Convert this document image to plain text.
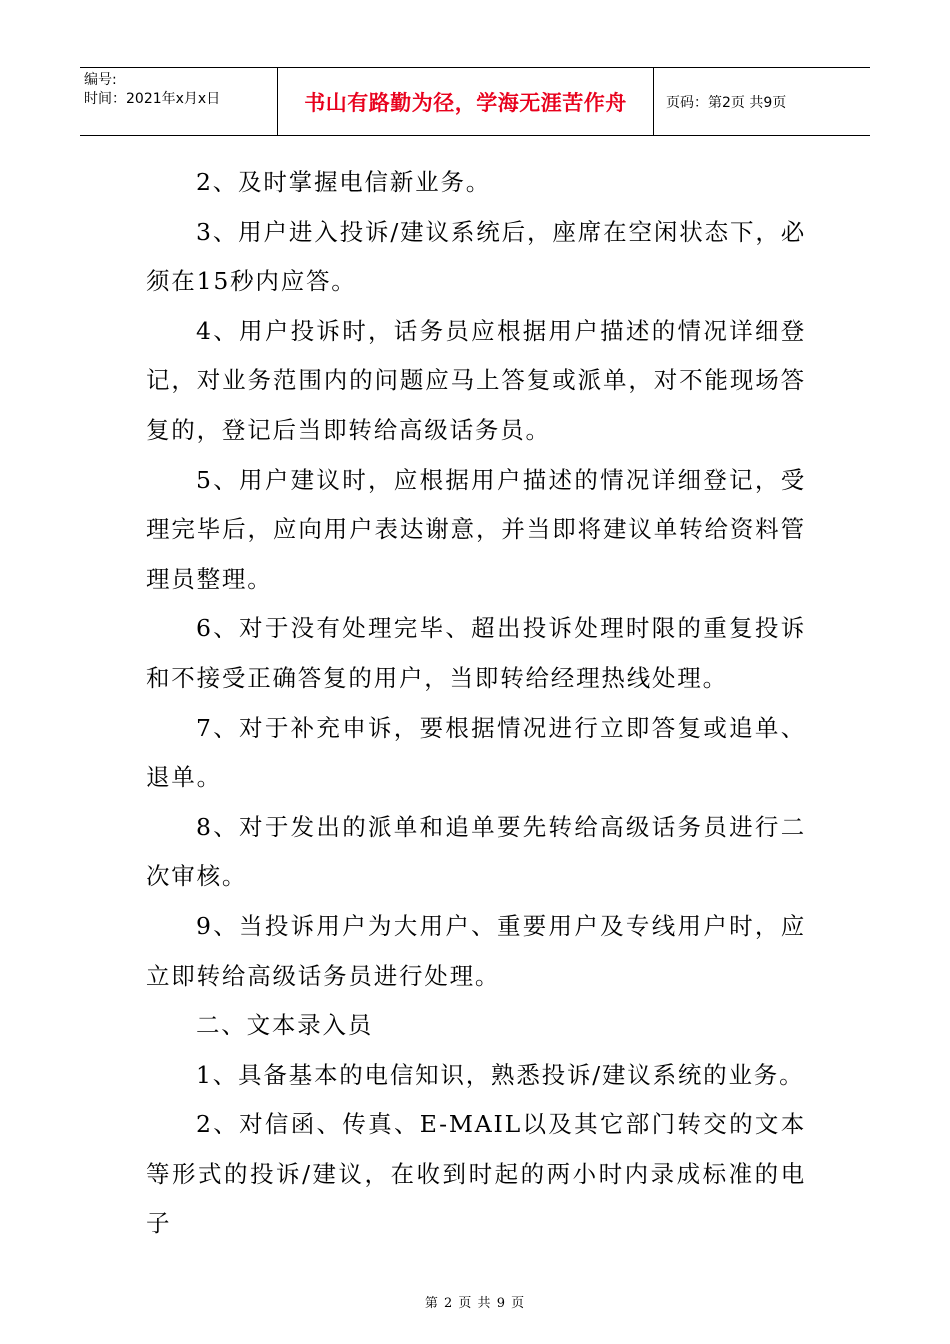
编号:
时间：2021年x月x日	书山有路勤为径，学海无涯苦作舟	页码：第2页 共9页

2、及时掌握电信新业务。

3、用户进入投诉/建议系统后，座席在空闲状态下，必须在15秒内应答。

4、用户投诉时，话务员应根据用户描述的情况详细登记，对业务范围内的问题应马上答复或派单，对不能现场答复的，登记后当即转给高级话务员。

5、用户建议时，应根据用户描述的情况详细登记，受理完毕后，应向用户表达谢意，并当即将建议单转给资料管理员整理。

6、对于没有处理完毕、超出投诉处理时限的重复投诉和不接受正确答复的用户，当即转给经理热线处理。

7、对于补充申诉，要根据情况进行立即答复或追单、退单。

8、对于发出的派单和追单要先转给高级话务员进行二次审核。

9、当投诉用户为大用户、重要用户及专线用户时，应立即转给高级话务员进行处理。

二、文本录入员

1、具备基本的电信知识，熟悉投诉/建议系统的业务。

2、对信函、传真、E-MAIL以及其它部门转交的文本等形式的投诉/建议，在收到时起的两小时内录成标准的电子

第 2 页 共 9 页
